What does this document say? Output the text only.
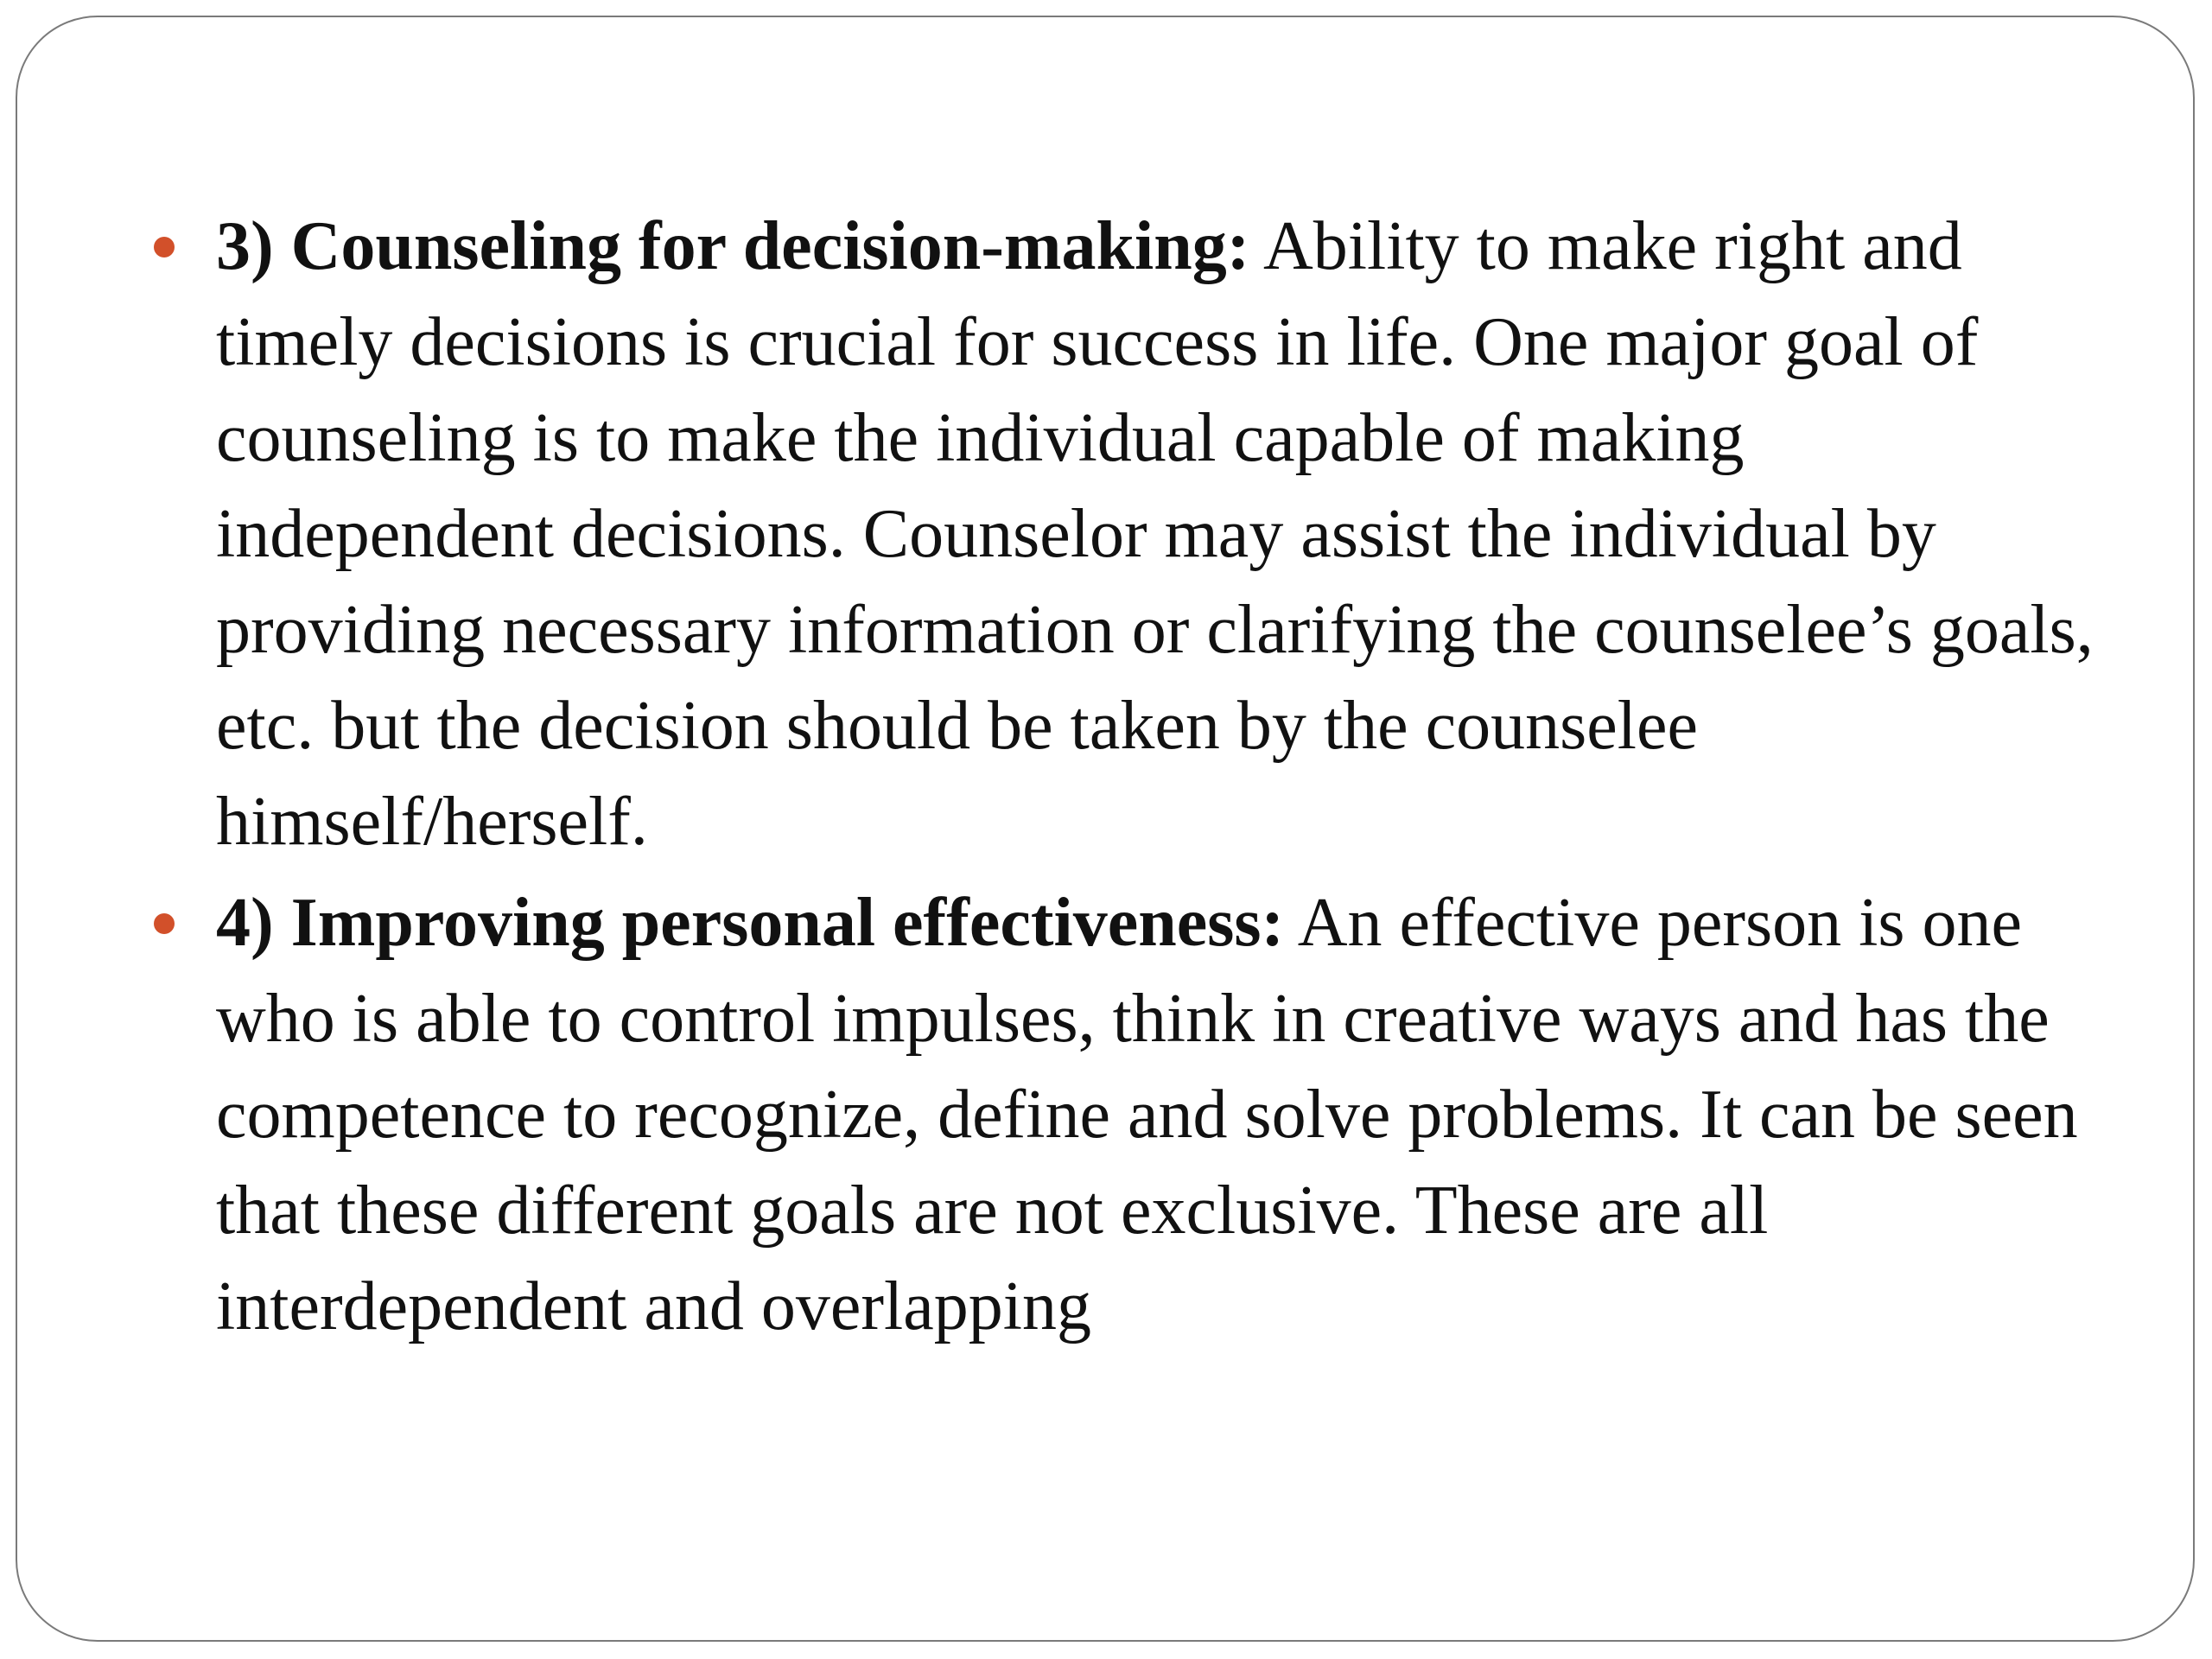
3) Counseling for decision-making: Ability to make right and timely decisions is crucial for success in life. One major goal of counseling is to make the individual capable of making independent decisions. Counselor may assist the individual by providing necessary information or clarifying the counselee’s goals, etc. but the decision should be taken by the counselee himself/herself.
4) Improving personal effectiveness: An effective person is one who is able to control impulses, think in creative ways and has the competence to recognize, define and solve problems. It can be seen that these different goals are not exclusive. These are all interdependent and overlapping
